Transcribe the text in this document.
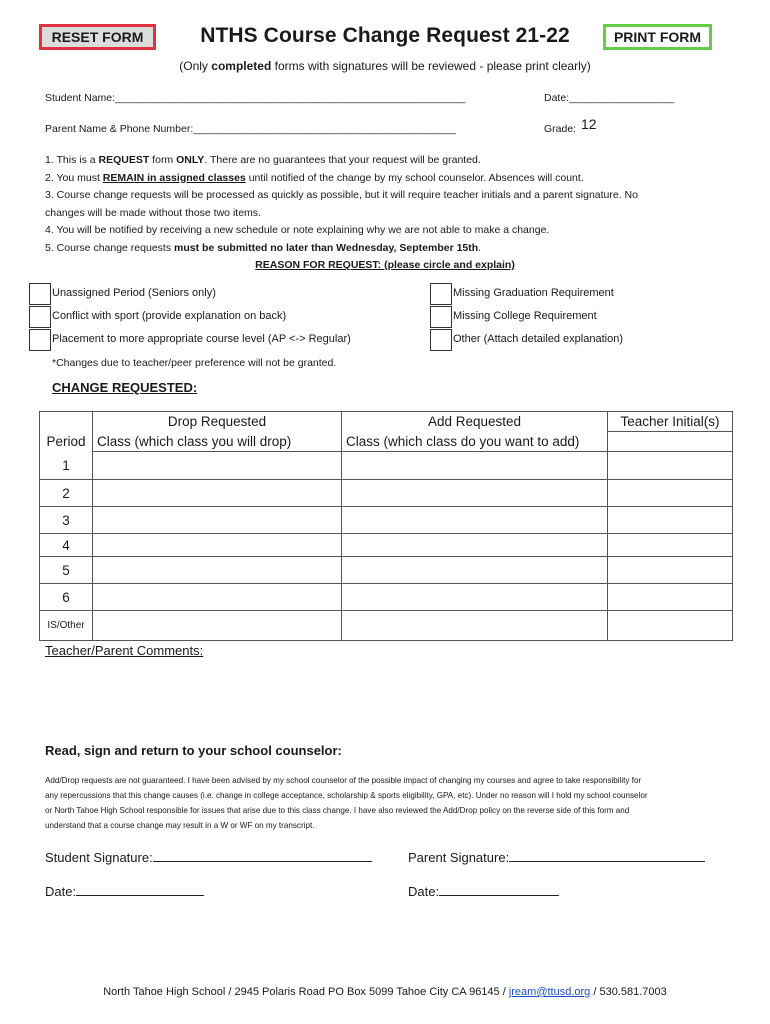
RESET FORM	PRINT FORM
NTHS Course Change Request 21-22
(Only completed forms with signatures will be reviewed - please print clearly)
Student Name:____________________________________________________________	Date:__________________
Parent Name & Phone Number:_____________________________________________	Grade: 12
1. This is a REQUEST form ONLY. There are no guarantees that your request will be granted.
2. You must REMAIN in assigned classes until notified of the change by my school counselor. Absences will count.
3. Course change requests will be processed as quickly as possible, but it will require teacher initials and a parent signature. No
changes will be made without those two items.
4. You will be notified by receiving a new schedule or note explaining why we are not able to make a change.
5. Course change requests must be submitted no later than Wednesday, September 15th.
REASON FOR REQUEST: (please circle and explain)
Unassigned Period (Seniors only)
Conflict with sport (provide explanation on back)
Placement to more appropriate course level (AP <-> Regular)
Missing Graduation Requirement
Missing College Requirement
Other (Attach detailed explanation)
*Changes due to teacher/peer preference will not be granted.
CHANGE REQUESTED:
	Drop Requested	Add Requested	Teacher Initial(s)
Period	Class (which class you will drop)	Class (which class do you want to add)	
1			
2			
3			
4			
5			
6			
IS/Other			
Teacher/Parent Comments:
Read, sign and return to your school counselor:
Add/Drop requests are not guaranteed. I have been advised by my school counselor of the possible impact of changing my courses and agree to take responsibility for
any repercussions that this change causes (i.e. change in college acceptance, scholarship & sports eligibility, GPA, etc). Under no reason will I hold my school counselor
or North Tahoe High School responsible for issues that arise due to this class change. I have also reviewed the Add/Drop policy on the reverse side of this form and
understand that a course change may result in a W or WF on my transcript.
Student Signature:	Parent Signature:
Date:	Date:
North Tahoe High School / 2945 Polaris Road PO Box 5099 Tahoe City CA 96145 / jream@ttusd.org / 530.581.7003
